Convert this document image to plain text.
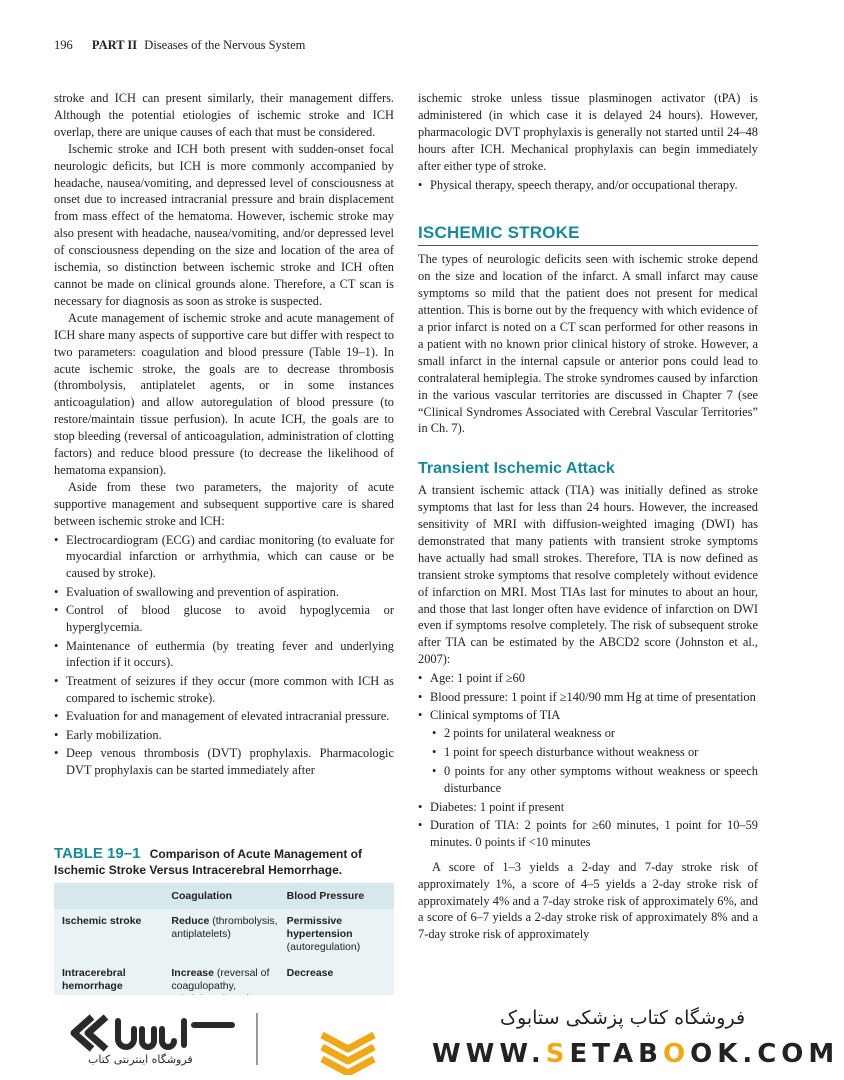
196 PART II Diseases of the Nervous System

stroke and ICH can present similarly, their management differs. Although the potential etiologies of ischemic stroke and ICH overlap, there are unique causes of each that must be considered.

Ischemic stroke and ICH both present with sudden-onset focal neurologic deficits, but ICH is more commonly accompanied by headache, nausea/vomiting, and depressed level of consciousness at onset due to increased intracranial pressure and brain displacement from mass effect of the hematoma. However, ischemic stroke may also present with headache, nausea/vomiting, and/or depressed level of consciousness depending on the size and location of the area of ischemia, so distinction between ischemic stroke and ICH often cannot be made on clinical grounds alone. Therefore, a CT scan is necessary for diagnosis as soon as stroke is suspected.

Acute management of ischemic stroke and acute management of ICH share many aspects of supportive care but differ with respect to two parameters: coagulation and blood pressure (Table 19–1). In acute ischemic stroke, the goals are to decrease thrombosis (thrombolysis, antiplatelet agents, or in some instances anticoagulation) and allow autoregulation of blood pressure (to restore/maintain tissue perfusion). In acute ICH, the goals are to stop bleeding (reversal of anticoagulation, administration of clotting factors) and reduce blood pressure (to decrease the likelihood of hematoma expansion).

Aside from these two parameters, the majority of acute supportive management and subsequent supportive care is shared between ischemic stroke and ICH:

• Electrocardiogram (ECG) and cardiac monitoring (to evaluate for myocardial infarction or arrhythmia, which can cause or be caused by stroke).
• Evaluation of swallowing and prevention of aspiration.
• Control of blood glucose to avoid hypoglycemia or hyperglycemia.
• Maintenance of euthermia (by treating fever and underlying infection if it occurs).
• Treatment of seizures if they occur (more common with ICH as compared to ischemic stroke).
• Evaluation for and management of elevated intracranial pressure.
• Early mobilization.
• Deep venous thrombosis (DVT) prophylaxis. Pharmacologic DVT prophylaxis can be started immediately after
TABLE 19–1 Comparison of Acute Management of Ischemic Stroke Versus Intracerebral Hemorrhage.
Coagulation	Blood Pressure
Ischemic stroke	Reduce (thrombolysis, antiplatelets)
Permissive hypertension (autoregulation)
Intracerebral hemorrhage
Increase (reversal of coagulopathy,
Decrease

ischemic stroke unless tissue plasminogen activator (tPA) is administered (in which case it is delayed 24 hours). However, pharmacologic DVT prophylaxis is generally not started until 24–48 hours after ICH. Mechanical prophylaxis can begin immediately after either type of stroke.

• Physical therapy, speech therapy, and/or occupational therapy.
ISCHEMIC STROKE

The types of neurologic deficits seen with ischemic stroke depend on the size and location of the infarct. A small infarct may cause symptoms so mild that the patient does not present for medical attention. This is borne out by the frequency with which evidence of a prior infarct is noted on a CT scan performed for other reasons in a patient with no known prior clinical history of stroke. However, a small infarct in the internal capsule or anterior pons could lead to contralateral hemiplegia. The stroke syndromes caused by infarction in the various vascular territories are discussed in Chapter 7 (see “Clinical Syndromes Associated with Cerebral Vascular Territories” in Ch. 7).

Transient Ischemic Attack

A transient ischemic attack (TIA) was initially defined as stroke symptoms that last for less than 24 hours. However, the increased sensitivity of MRI with diffusion-weighted imaging (DWI) has demonstrated that many patients with transient stroke symptoms have actually had small strokes. Therefore, TIA is now defined as transient stroke symptoms that resolve completely without evidence of infarction on MRI. Most TIAs last for minutes to about an hour, and those that last longer often have evidence of infarction on DWI even if symptoms resolve completely. The risk of subsequent stroke after TIA can be estimated by the ABCD2 score (Johnston et al., 2007):

• Age: 1 point if ≥60
• Blood pressure: 1 point if ≥140/90 mm Hg at time of presentation
• Clinical symptoms of TIA
• 2 points for unilateral weakness or
• 1 point for speech disturbance without weakness or
• 0 points for any other symptoms without weakness or speech disturbance
• Diabetes: 1 point if present
• Duration of TIA: 2 points for ≥60 minutes, 1 point for 10–59 minutes. 0 points if <10 minutes

A score of 1–3 yields a 2-day and 7-day stroke risk of approximately 1%, a score of 4–5 yields a 2-day stroke risk of approximately 4% and a 7-day stroke risk of approximately 6%, and a score of 6–7 yields a 2-day stroke risk of approximately 8% and a 7-day stroke risk of approximately

فروشگاه اینترنتی کتاب
فروشگاه کتاب پزشکی ستابوک
WWW.SETABOOK.COM
